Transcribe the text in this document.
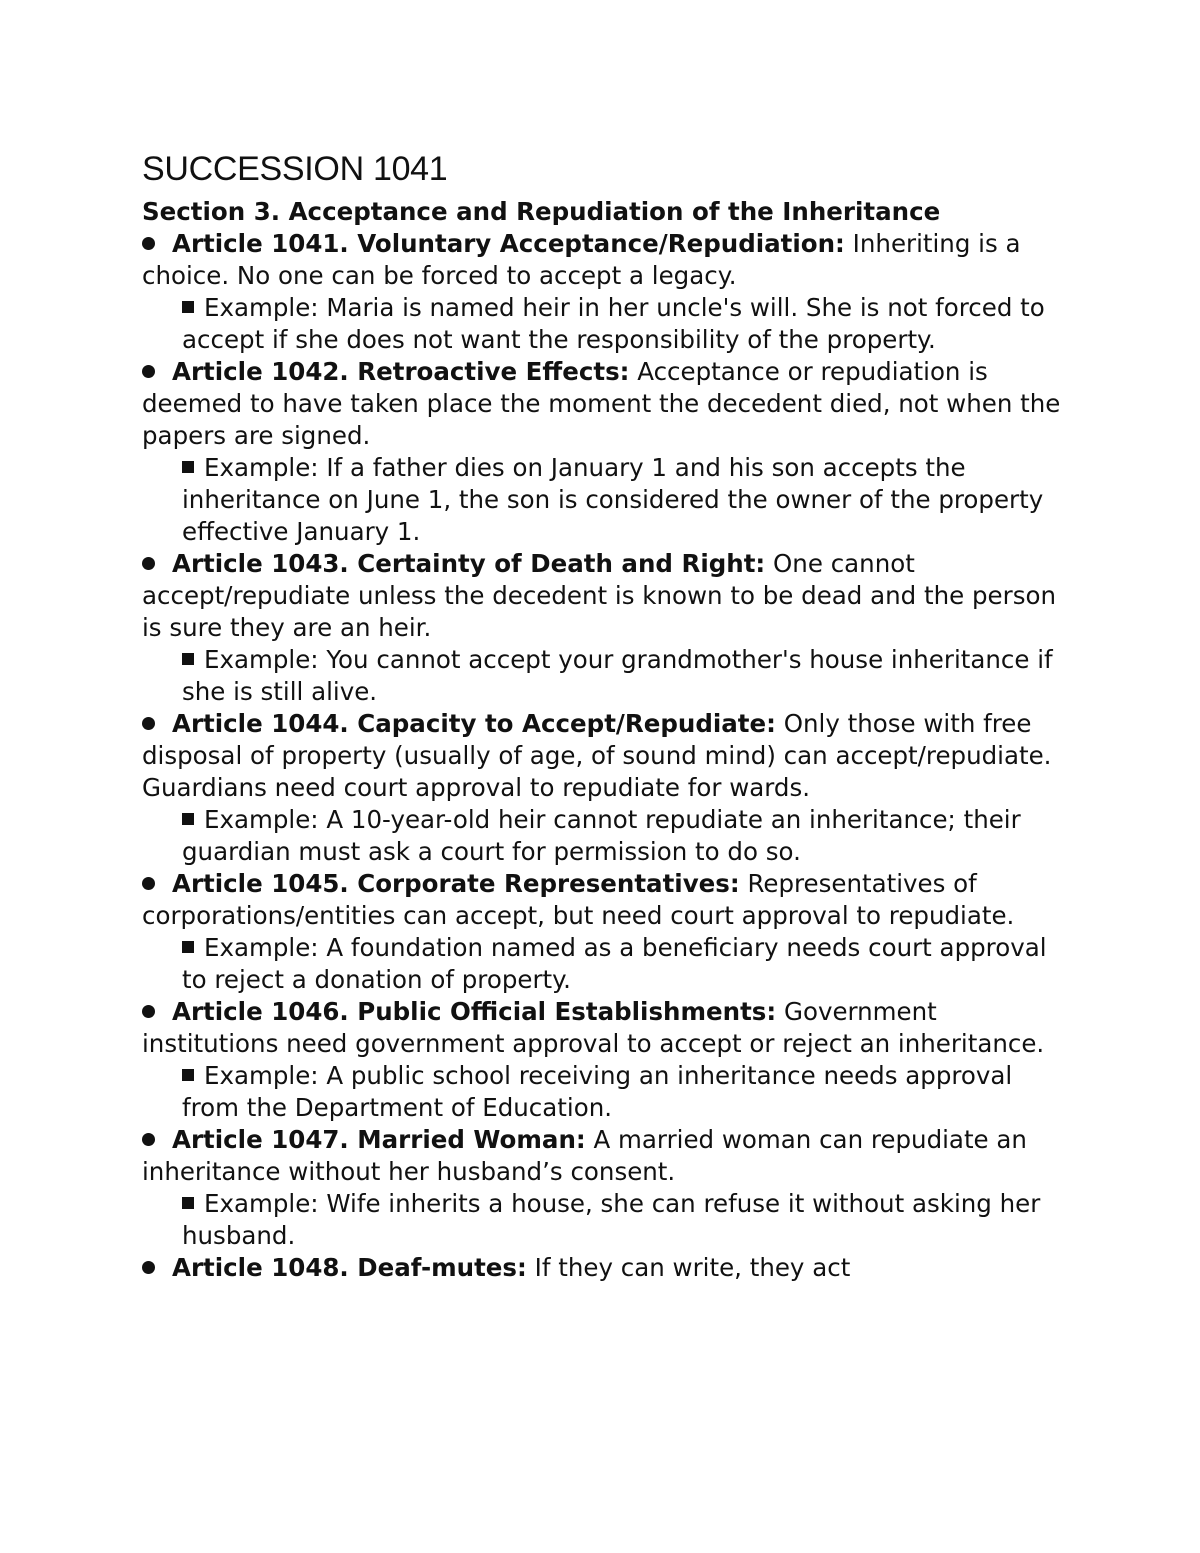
SUCCESSION 1041
Section 3. Acceptance and Repudiation of the Inheritance
Article 1041. Voluntary Acceptance/Repudiation: Inheriting is a choice. No one can be forced to accept a legacy.
Example: Maria is named heir in her uncle's will. She is not forced to accept if she does not want the responsibility of the property.
Article 1042. Retroactive Effects: Acceptance or repudiation is deemed to have taken place the moment the decedent died, not when the papers are signed.
Example: If a father dies on January 1 and his son accepts the inheritance on June 1, the son is considered the owner of the property effective January 1.
Article 1043. Certainty of Death and Right: One cannot accept/repudiate unless the decedent is known to be dead and the person is sure they are an heir.
Example: You cannot accept your grandmother's house inheritance if she is still alive.
Article 1044. Capacity to Accept/Repudiate: Only those with free disposal of property (usually of age, of sound mind) can accept/repudiate. Guardians need court approval to repudiate for wards.
Example: A 10-year-old heir cannot repudiate an inheritance; their guardian must ask a court for permission to do so.
Article 1045. Corporate Representatives: Representatives of corporations/entities can accept, but need court approval to repudiate.
Example: A foundation named as a beneficiary needs court approval to reject a donation of property.
Article 1046. Public Official Establishments: Government institutions need government approval to accept or reject an inheritance.
Example: A public school receiving an inheritance needs approval from the Department of Education.
Article 1047. Married Woman: A married woman can repudiate an inheritance without her husband’s consent.
Example: Wife inherits a house, she can refuse it without asking her husband.
Article 1048. Deaf-mutes: If they can write, they act
